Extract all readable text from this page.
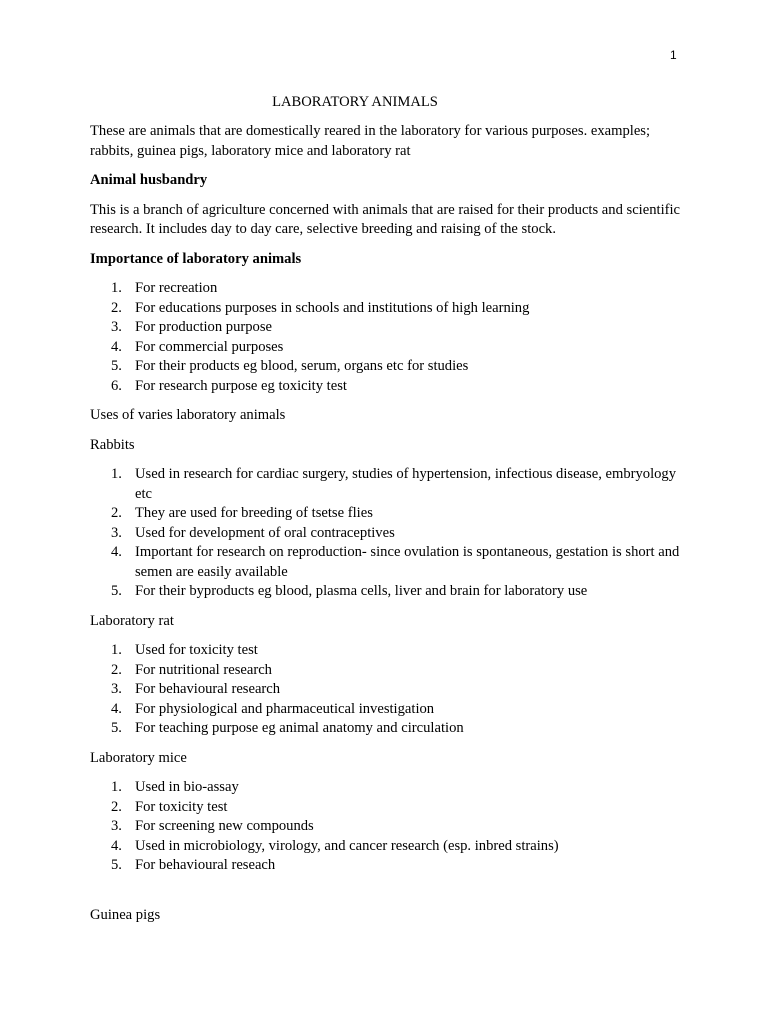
1
LABORATORY ANIMALS

These are animals that are domestically reared in the laboratory for various purposes. examples; rabbits, guinea pigs, laboratory mice and laboratory rat

Animal husbandry

This is a branch of agriculture concerned with animals that are raised for their products and scientific research. It includes day to day care, selective breeding and raising of the stock.

Importance of laboratory animals

1. For recreation
2. For educations purposes in schools and institutions of high learning
3. For production purpose
4. For commercial purposes
5. For their products eg blood, serum, organs etc for studies
6. For research purpose eg toxicity test

Uses of varies laboratory animals

Rabbits

1. Used in research for cardiac surgery, studies of hypertension, infectious disease, embryology etc
2. They are used for breeding of tsetse flies
3. Used for development of oral contraceptives
4. Important for research on reproduction- since ovulation is spontaneous, gestation is short and semen are easily available
5. For their byproducts eg blood, plasma cells, liver and brain for laboratory use

Laboratory rat

1. Used for toxicity test
2. For nutritional research
3. For behavioural research
4. For physiological and pharmaceutical investigation
5. For teaching purpose eg animal anatomy and circulation

Laboratory mice

1. Used in bio-assay
2. For toxicity test
3. For screening new compounds
4. Used in microbiology, virology, and cancer research (esp. inbred strains)
5. For behavioural reseach

Guinea pigs
